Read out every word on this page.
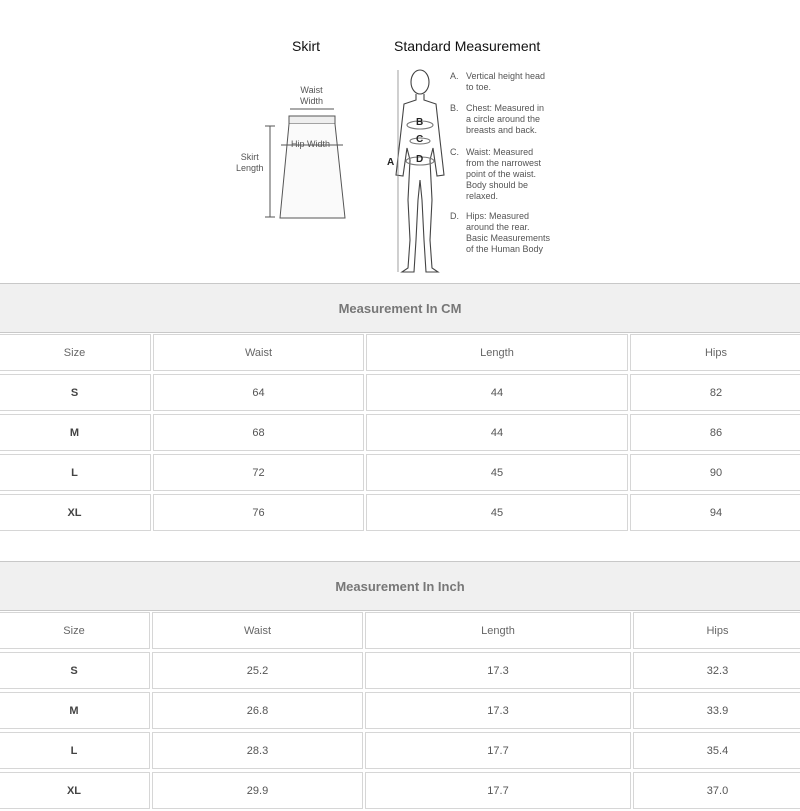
Skirt	Standard Measurement
Waist
Width
Hip Width
Skirt
Length	A
B
C
D
A. Vertical height head
to toe.
B. Chest: Measured in
a circle around the
breasts and back.
C. Waist: Measured
from the narrowest
point of the waist.
Body should be
relaxed.
D. Hips: Measured
around the rear.
Basic Measurements
of the Human Body
Measurement In CM
Size	Waist	Length	Hips
S	64	44	82
M	68	44	86
L	72	45	90
XL	76	45	94
Measurement In Inch
Size	Waist	Length	Hips
S	25.2	17.3	32.3
M	26.8	17.3	33.9
L	28.3	17.7	35.4
XL	29.9	17.7	37.0
